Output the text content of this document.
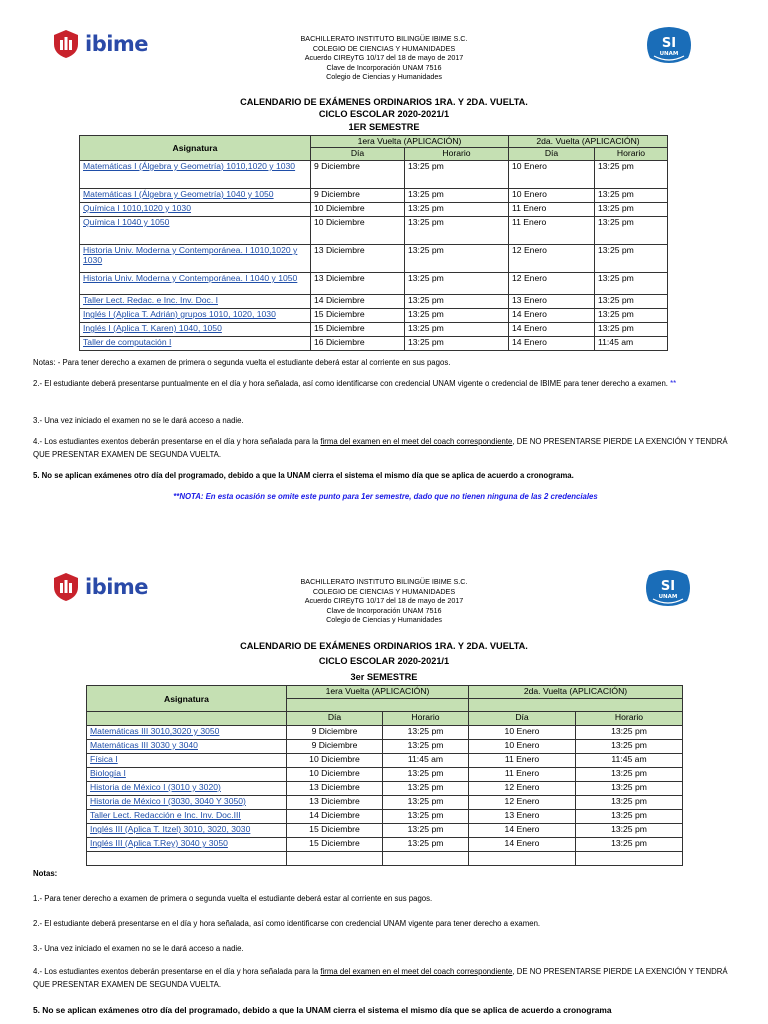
ibime	SI
UNAM
BACHILLERATO INSTITUTO BILINGÜE IBIME S.C.
COLEGIO DE CIENCIAS Y HUMANIDADES
Acuerdo CIREyTG 10/17 del 18 de mayo de 2017
Clave de Incorporación UNAM 7516
Colegio de Ciencias y Humanidades
CALENDARIO DE EXÁMENES ORDINARIOS 1RA. Y 2DA. VUELTA.
CICLO ESCOLAR 2020-2021/1
1ER SEMESTRE
Asignatura	1era Vuelta (APLICACIÓN)		2da. Vuelta (APLICACIÓN)	
	Día	Horario	Día	Horario
Matemáticas I (Álgebra y Geometría) 1010,1020 y 1030	9 Diciembre	13:25 pm	10 Enero	13:25 pm
Matemáticas I (Álgebra y Geometría) 1040 y 1050	9 Diciembre	13:25 pm	10 Enero	13:25 pm
Química I 1010,1020 y 1030	10 Diciembre	13:25 pm	11 Enero	13:25 pm
Química I 1040 y 1050	10 Diciembre	13:25 pm	11 Enero	13:25 pm
Historia Univ. Moderna y Contemporánea. I 1010,1020 y 1030	13 Diciembre	13:25 pm	12 Enero	13:25 pm
Historia Univ. Moderna y Contemporánea. I 1040 y 1050	13 Diciembre	13:25 pm	12 Enero	13:25 pm
Taller Lect. Redac. e Inc. Inv. Doc. I	14 Diciembre	13:25 pm	13 Enero	13:25 pm
Inglés I (Aplica T. Adrián) grupos 1010, 1020, 1030	15 Diciembre	13:25 pm	14 Enero	13:25 pm
Inglés I (Aplica T. Karen) 1040, 1050	15 Diciembre	13:25 pm	14 Enero	13:25 pm
Taller de computación I	16 Diciembre	13:25 pm	14 Enero	11:45 am
Notas: - Para tener derecho a examen de primera o segunda vuelta el estudiante deberá estar al corriente en sus pagos.
2.- El estudiante deberá presentarse puntualmente en el día y hora señalada, así como identificarse con credencial UNAM vigente o credencial de IBIME para tener derecho a examen. **
3.- Una vez iniciado el examen no se le dará acceso a nadie.
4.- Los estudiantes exentos deberán presentarse en el día y hora señalada para la firma del examen en el meet del coach correspondiente, DE NO PRESENTARSE PIERDE LA EXENCIÓN Y TENDRÁ QUE PRESENTAR EXAMEN DE SEGUNDA VUELTA.
5. No se aplican exámenes otro día del programado, debido a que la UNAM cierra el sistema el mismo día que se aplica de acuerdo a cronograma.
**NOTA: En esta ocasión se omite este punto para 1er semestre, dado que no tienen ninguna de las 2 credenciales
ibime	SI
UNAM
BACHILLERATO INSTITUTO BILINGÜE IBIME S.C.
COLEGIO DE CIENCIAS Y HUMANIDADES
Acuerdo CIREyTG 10/17 del 18 de mayo de 2017
Clave de Incorporación UNAM 7516
Colegio de Ciencias y Humanidades
CALENDARIO DE EXÁMENES ORDINARIOS 1RA. Y 2DA. VUELTA.
CICLO ESCOLAR 2020-2021/1
3er SEMESTRE
Asignatura	1era Vuelta (APLICACIÓN)		2da. Vuelta (APLICACIÓN)	

	Día	Horario	Día	Horario
Matemáticas III 3010,3020 y 3050	9 Diciembre	13:25 pm	10 Enero	13:25 pm
Matemáticas III 3030 y 3040	9 Diciembre	13:25 pm	10 Enero	13:25 pm
Física I	10 Diciembre	11:45 am	11 Enero	11:45 am
Biología I	10 Diciembre	13:25 pm	11 Enero	13:25 pm
Historia de México I (3010 y 3020)	13 Diciembre	13:25 pm	12 Enero	13:25 pm
Historia de México I (3030, 3040 Y 3050)	13 Diciembre	13:25 pm	12 Enero	13:25 pm
Taller Lect. Redacción e Inc. Inv. Doc.III	14 Diciembre	13:25 pm	13 Enero	13:25 pm
Inglés III (Aplica T. Itzel) 3010, 3020, 3030	15 Diciembre	13:25 pm	14 Enero	13:25 pm
Inglés III (Aplica T.Rey) 3040 y 3050	15 Diciembre	13:25 pm	14 Enero	13:25 pm

Notas:
1.- Para tener derecho a examen de primera o segunda vuelta el estudiante deberá estar al corriente en sus pagos.
2.- El estudiante deberá presentarse en el día y hora señalada, así como identificarse con credencial UNAM vigente para tener derecho a examen.
3.- Una vez iniciado el examen no se le dará acceso a nadie.
4.- Los estudiantes exentos deberán presentarse en el día y hora señalada para la firma del examen en el meet del coach correspondiente, DE NO PRESENTARSE PIERDE LA EXENCIÓN Y TENDRÁ QUE PRESENTAR EXAMEN DE SEGUNDA VUELTA.
5. No se aplican exámenes otro día del programado, debido a que la UNAM cierra el sistema el mismo día que se aplica de acuerdo a cronograma
